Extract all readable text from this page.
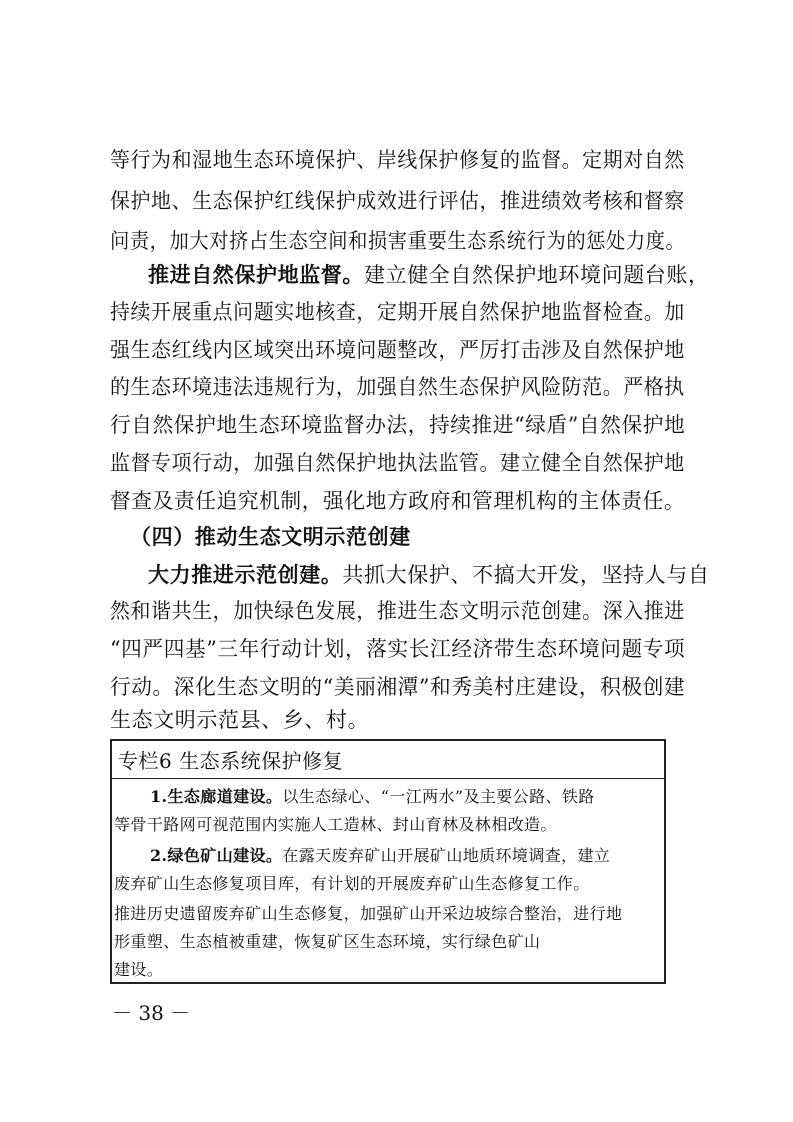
等行为和湿地生态环境保护、岸线保护修复的监督。定期对自然
保护地、生态保护红线保护成效进行评估，推进绩效考核和督察
问责，加大对挤占生态空间和损害重要生态系统行为的惩处力度。
推进自然保护地监督。建立健全自然保护地环境问题台账，
持续开展重点问题实地核查，定期开展自然保护地监督检查。加
强生态红线内区域突出环境问题整改，严厉打击涉及自然保护地
的生态环境违法违规行为，加强自然生态保护风险防范。严格执
行自然保护地生态环境监督办法，持续推进“绿盾”自然保护地
监督专项行动，加强自然保护地执法监管。建立健全自然保护地
督查及责任追究机制，强化地方政府和管理机构的主体责任。
（四）推动生态文明示范创建
大力推进示范创建。共抓大保护、不搞大开发，坚持人与自
然和谐共生，加快绿色发展，推进生态文明示范创建。深入推进
“四严四基”三年行动计划，落实长江经济带生态环境问题专项
行动。深化生态文明的“美丽湘潭”和秀美村庄建设，积极创建
生态文明示范县、乡、村。
专栏6 生态系统保护修复
1.生态廊道建设。以生态绿心、“一江两水”及主要公路、铁路
等骨干路网可视范围内实施人工造林、封山育林及林相改造。
2.绿色矿山建设。在露天废弃矿山开展矿山地质环境调查，建立
废弃矿山生态修复项目库，有计划的开展废弃矿山生态修复工作。
推进历史遗留废弃矿山生态修复，加强矿山开采边坡综合整治，进行地
形重塑、生态植被重建，恢复矿区生态环境，实行绿色矿山
建设。
－ 38 －
